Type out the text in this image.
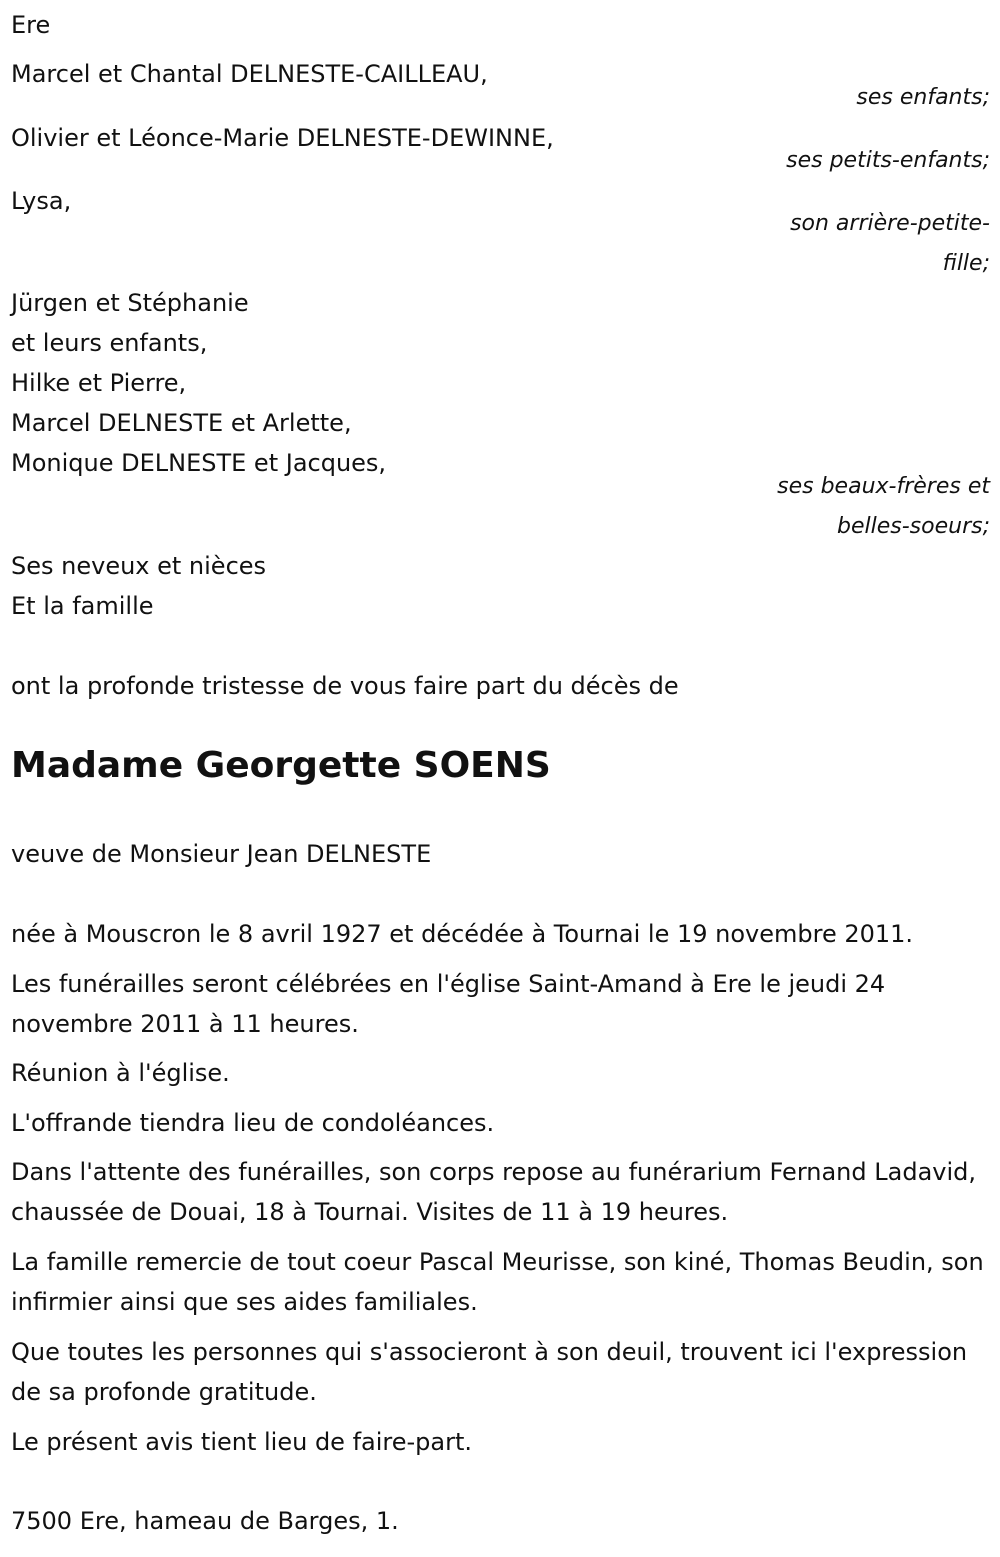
Ere

Marcel et Chantal DELNESTE-CAILLEAU,

ses enfants;

Olivier et Léonce-Marie DELNESTE-DEWINNE,

ses petits-enfants;

Lysa,

son arrière-petite-

fille;

Jürgen et Stéphanie

et leurs enfants,

Hilke et Pierre,

Marcel DELNESTE et Arlette,

Monique DELNESTE et Jacques,

ses beaux-frères et

belles-soeurs;

Ses neveux et nièces

Et la famille

ont la profonde tristesse de vous faire part du décès de

Madame Georgette SOENS

veuve de Monsieur Jean DELNESTE

née à Mouscron le 8 avril 1927 et décédée à Tournai le 19 novembre 2011.

Les funérailles seront célébrées en l'église Saint-Amand à Ere le jeudi 24 novembre 2011 à 11 heures.

Réunion à l'église.

L'offrande tiendra lieu de condoléances.

Dans l'attente des funérailles, son corps repose au funérarium Fernand Ladavid, chaussée de Douai, 18 à Tournai. Visites de 11 à 19 heures.

La famille remercie de tout coeur Pascal Meurisse, son kiné, Thomas Beudin, son infirmier ainsi que ses aides familiales.

Que toutes les personnes qui s'associeront à son deuil, trouvent ici l'expression de sa profonde gratitude.

Le présent avis tient lieu de faire-part.

7500 Ere, hameau de Barges, 1.
